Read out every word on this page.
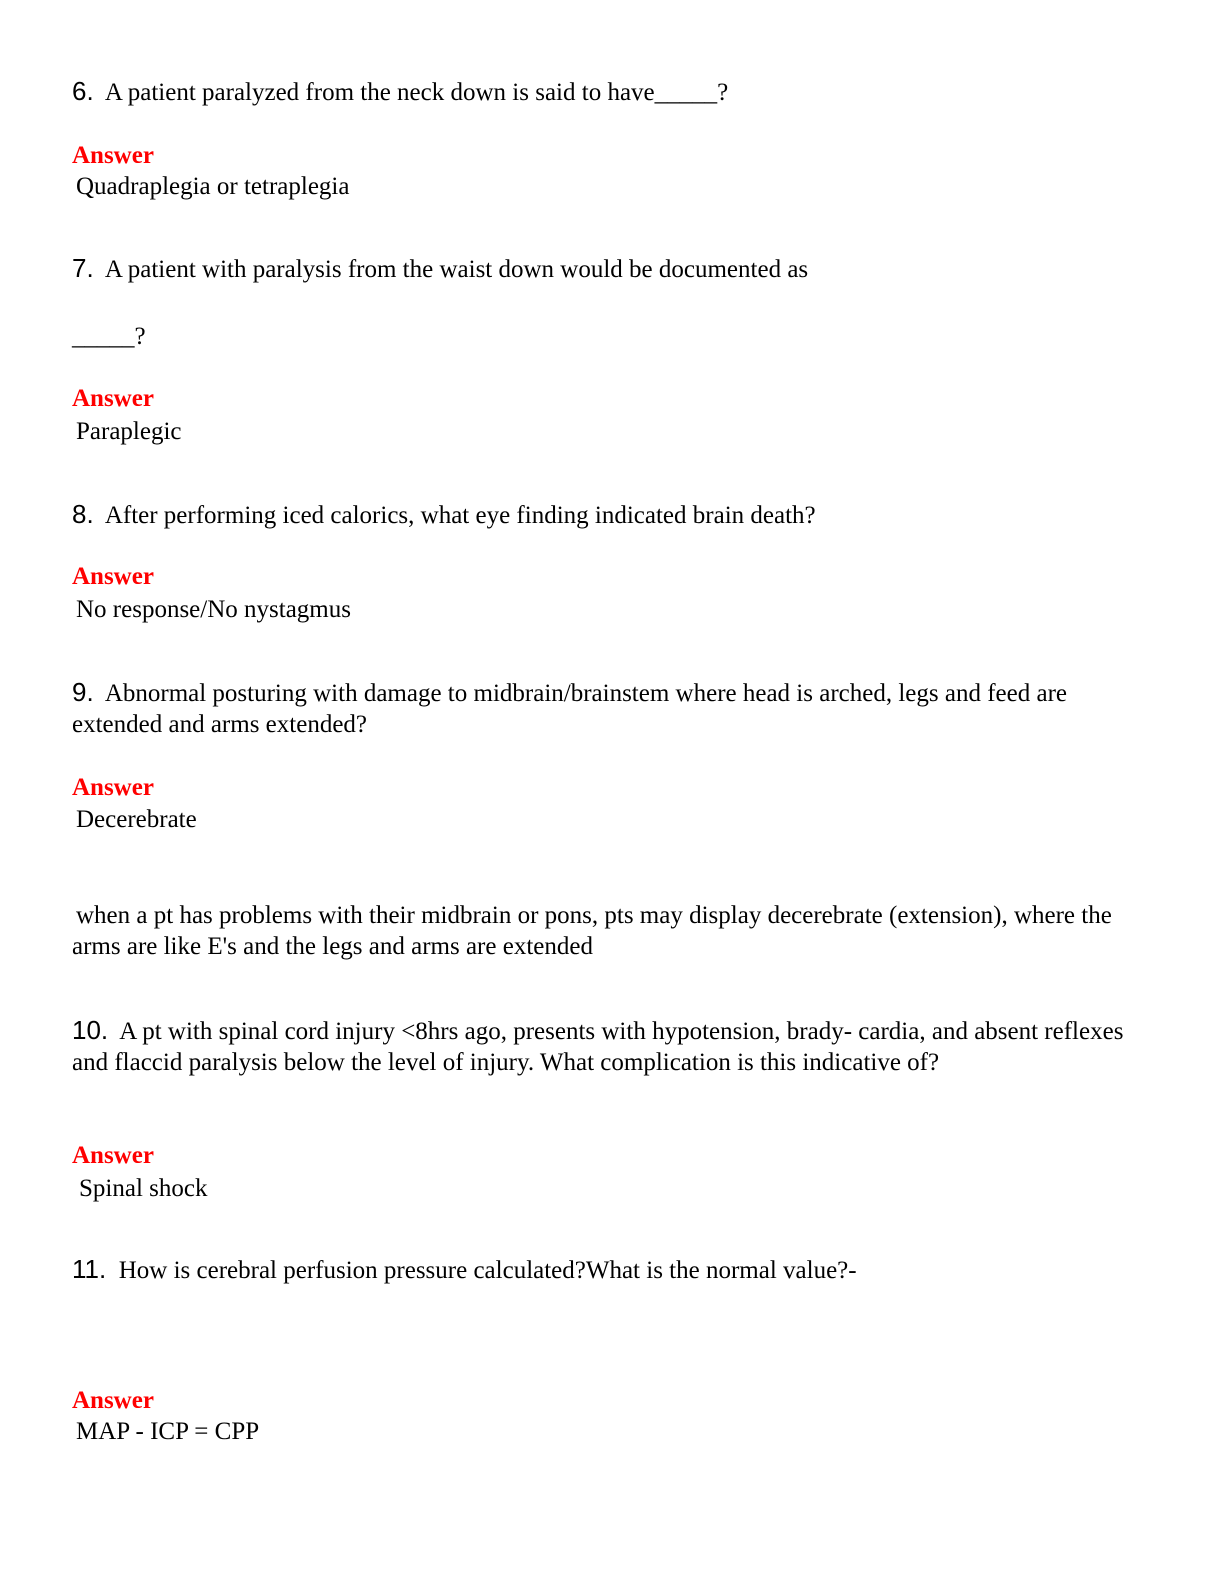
6. A patient paralyzed from the neck down is said to have_____?
Answer
Quadraplegia or tetraplegia
7. A patient with paralysis from the waist down would be documented as
_____?
Answer
Paraplegic
8. After performing iced calorics, what eye finding indicated brain death?
Answer
No response/No nystagmus
9. Abnormal posturing with damage to midbrain/brainstem where head is arched, legs and feed are extended and arms extended?
Answer
Decerebrate
when a pt has problems with their midbrain or pons, pts may display decerebrate (extension), where the arms are like E's and the legs and arms are extended
10. A pt with spinal cord injury <8hrs ago, presents with hypotension, brady- cardia, and absent reflexes and flaccid paralysis below the level of injury. What complication is this indicative of?
Answer
Spinal shock
11. How is cerebral perfusion pressure calculated?What is the normal value?-
Answer
MAP - ICP = CPP
